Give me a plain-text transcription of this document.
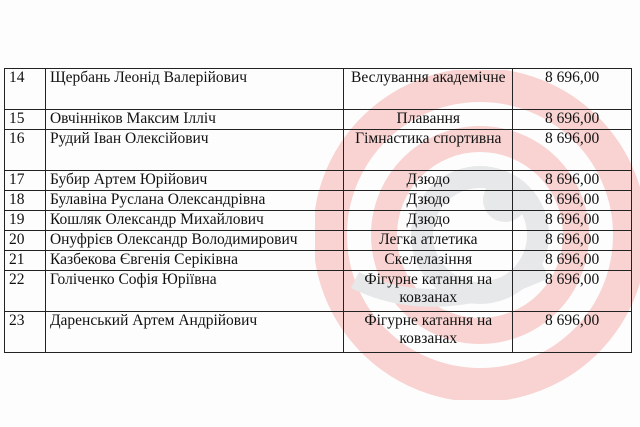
14	Щербань Леонід Валерійович	Веслування академічне	8 696,00
15	Овчінніков Максим Ілліч	Плавання	8 696,00
16	Рудий Іван Олексійович	Гімнастика спортивна	8 696,00
17	Бубир Артем Юрійович	Дзюдо	8 696,00
18	Булавіна Руслана Олександрівна	Дзюдо	8 696,00
19	Кошляк Олександр Михайлович	Дзюдо	8 696,00
20	Онуфрієв Олександр Володимирович	Легка атлетика	8 696,00
21	Казбекова Євгенія Серіківна	Скелелазіння	8 696,00
22	Голіченко Софія Юріївна	Фігурне катання на ковзанах	8 696,00
23	Даренський Артем Андрійович	Фігурне катання на ковзанах	8 696,00
